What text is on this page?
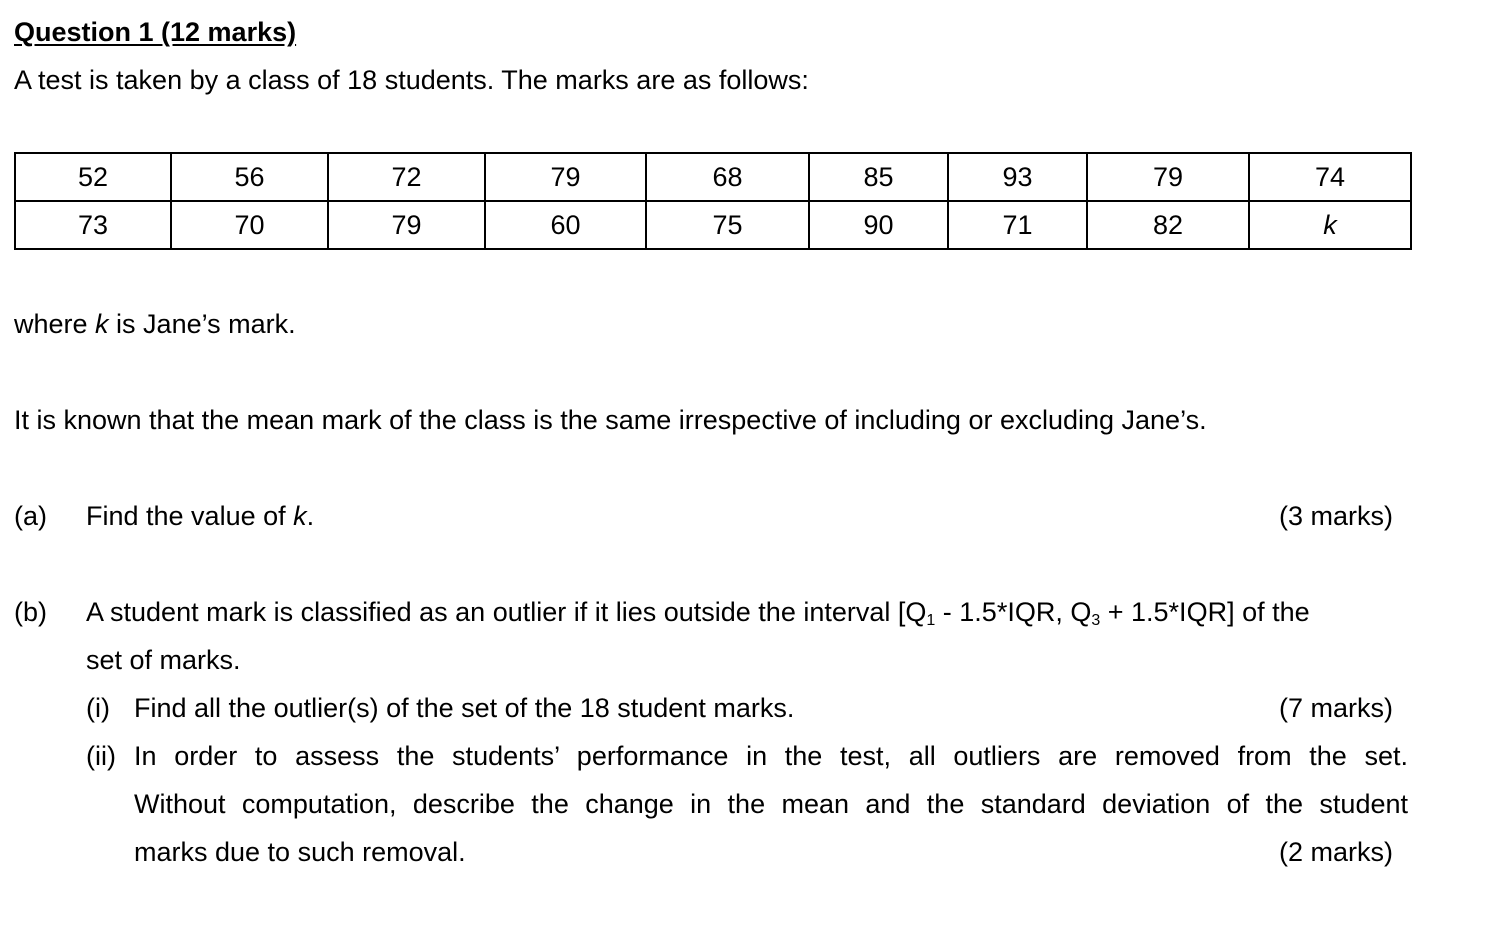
Question 1 (12 marks)
A test is taken by a class of 18 students. The marks are as follows:
52	56	72	79	68	85	93	79	74
73	70	79	60	75	90	71	82	k
where k is Jane’s mark.
It is known that the mean mark of the class is the same irrespective of including or excluding Jane’s.
(a) Find the value of k.	(3 marks)
(b) A student mark is classified as an outlier if it lies outside the interval [$Q_1 - 1.5*IQR$, $Q_3 + 1.5*IQR$] of the
set of marks.
(i) Find all the outlier(s) of the set of the 18 student marks.	(7 marks)
(ii) In order to assess the students’ performance in the test, all outliers are removed from the set.
Without computation, describe the change in the mean and the standard deviation of the student
marks due to such removal.	(2 marks)
